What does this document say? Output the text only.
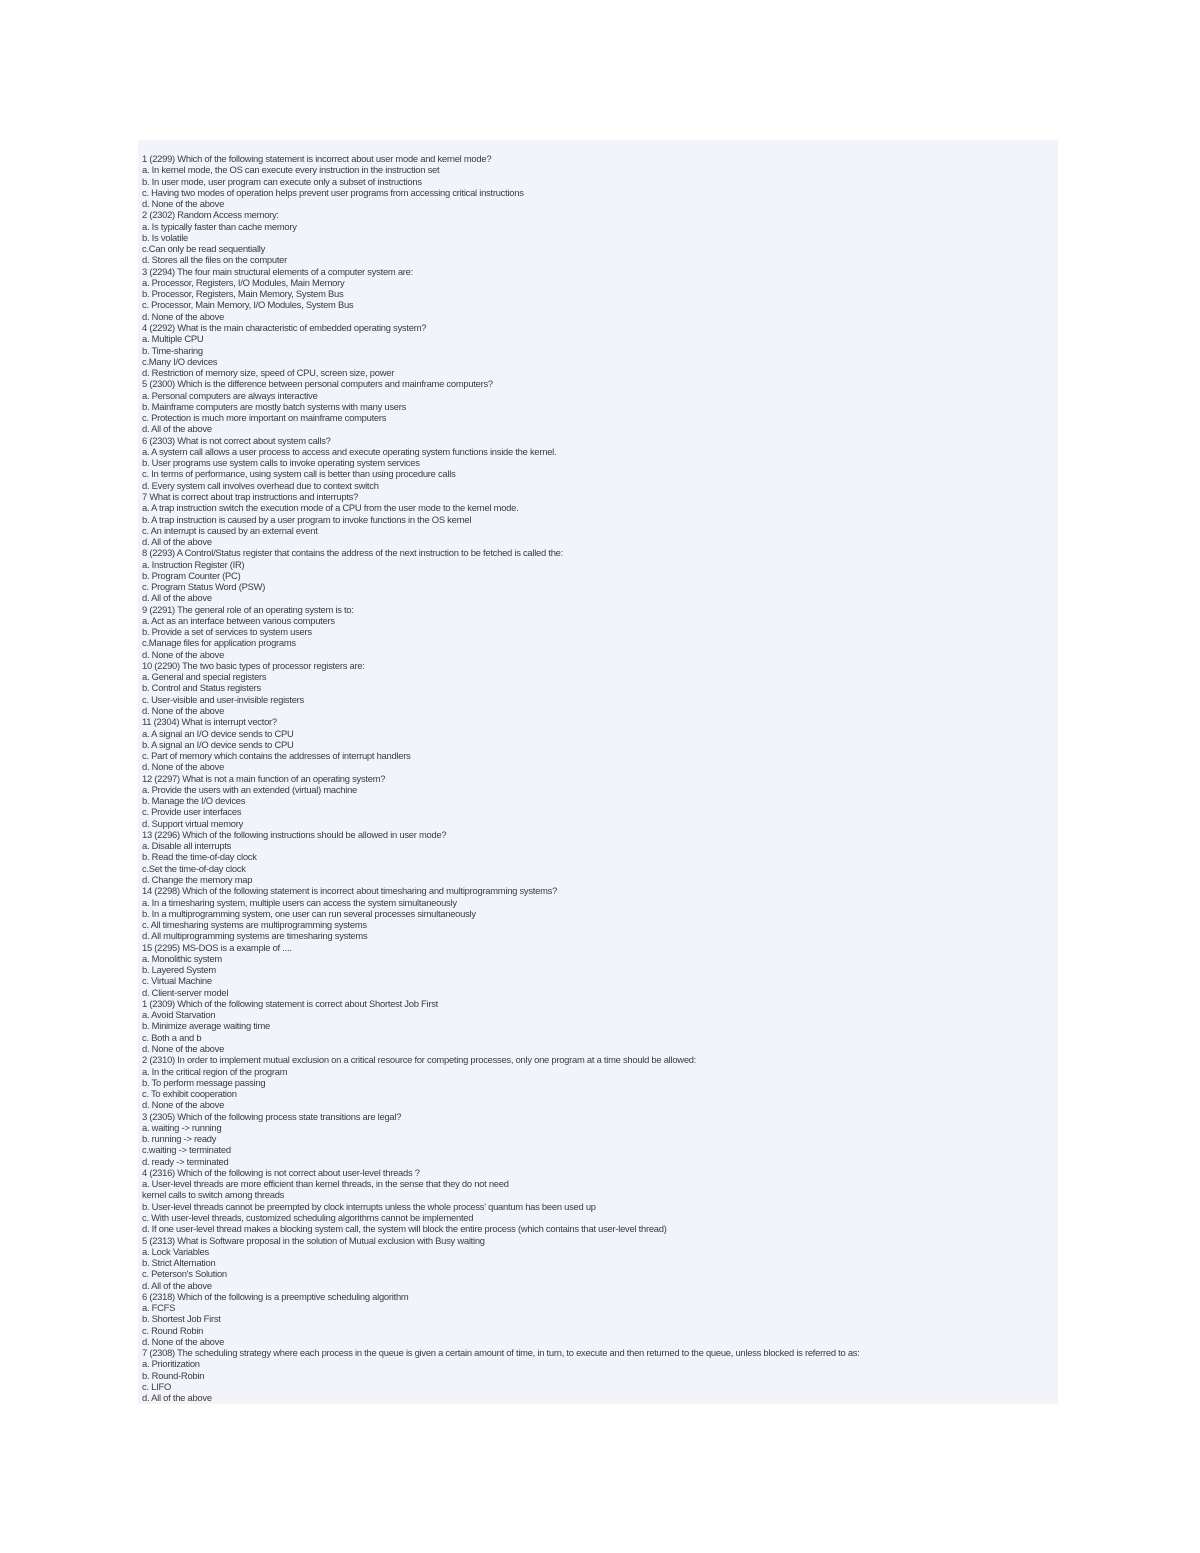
1 (2299) Which of the following statement is incorrect about user mode and kernel mode?
a. In kernel mode, the OS can execute every instruction in the instruction set
b. In user mode, user program can execute only a subset of instructions
c. Having two modes of operation helps prevent user programs from accessing critical instructions
d. None of the above
2 (2302) Random Access memory:
a. Is typically faster than cache memory
b. Is volatile
c.Can only be read sequentially
d. Stores all the files on the computer
3 (2294) The four main structural elements of a computer system are:
a. Processor, Registers, I/O Modules, Main Memory
b. Processor, Registers, Main Memory, System Bus
c. Processor, Main Memory, I/O Modules, System Bus
d. None of the above
4 (2292) What is the main characteristic of embedded operating system?
a. Multiple CPU
b. Time-sharing
c.Many I/O devices
d. Restriction of memory size, speed of CPU, screen size, power
5 (2300) Which is the difference between personal computers and mainframe computers?
a. Personal computers are always interactive
b. Mainframe computers are mostly batch systems with many users
c. Protection is much more important on mainframe computers
d. All of the above
6 (2303) What is not correct about system calls?
a. A system call allows a user process to access and execute operating system functions inside the kernel.
b. User programs use system calls to invoke operating system services
c. In terms of performance, using system call is better than using procedure calls
d. Every system call involves overhead due to context switch
7 What is correct about trap instructions and interrupts?
a. A trap instruction switch the execution mode of a CPU from the user mode to the kernel mode.
b. A trap instruction is caused by a user program to invoke functions in the OS kernel
c. An interrupt is caused by an external event
d. All of the above
8 (2293) A Control/Status register that contains the address of the next instruction to be fetched is called the:
a. Instruction Register (IR)
b. Program Counter (PC)
c. Program Status Word (PSW)
d. All of the above
9 (2291) The general role of an operating system is to:
a. Act as an interface between various computers
b. Provide a set of services to system users
c.Manage files for application programs
d. None of the above
10 (2290) The two basic types of processor registers are:
a. General and special registers
b. Control and Status registers
c. User-visible and user-invisible registers
d. None of the above
11 (2304) What is interrupt vector?
a. A signal an I/O device sends to CPU
b. A signal an I/O device sends to CPU
c. Part of memory which contains the addresses of interrupt handlers
d. None of the above
12 (2297) What is not a main function of an operating system?
a. Provide the users with an extended (virtual) machine
b. Manage the I/O devices
c. Provide user interfaces
d. Support virtual memory
13 (2296) Which of the following instructions should be allowed in user mode?
a. Disable all interrupts
b. Read the time-of-day clock
c.Set the time-of-day clock
d. Change the memory map
14 (2298) Which of the following statement is incorrect about timesharing and multiprogramming systems?
a. In a timesharing system, multiple users can access the system simultaneously
b. In a multiprogramming system, one user can run several processes simultaneously
c. All timesharing systems are multiprogramming systems
d. All multiprogramming systems are timesharing systems
15 (2295) MS-DOS is a example of ....
a. Monolithic system
b. Layered System
c. Virtual Machine
d. Client-server model
1 (2309) Which of the following statement is correct about Shortest Job First
a. Avoid Starvation
b. Minimize average waiting time
c. Both a and b
d. None of the above
2 (2310) In order to implement mutual exclusion on a critical resource for competing processes, only one program at a time should be allowed:
a. In the critical region of the program
b. To perform message passing
c. To exhibit cooperation
d. None of the above
3 (2305) Which of the following process state transitions are legal?
a. waiting -> running
b. running -> ready
c.waiting -> terminated
d. ready -> terminated
4 (2316) Which of the following is not correct about user-level threads ?
a. User-level threads are more efficient than kernel threads, in the sense that they do not need
kernel calls to switch among threads
b. User-level threads cannot be preempted by clock interrupts unless the whole process' quantum has been used up
c. With user-level threads, customized scheduling algorithms cannot be implemented
d. If one user-level thread makes a blocking system call, the system will block the entire process (which contains that user-level thread)
5 (2313) What is Software proposal in the solution of Mutual exclusion with Busy waiting
a. Lock Variables
b. Strict Alternation
c. Peterson's Solution
d. All of the above
6 (2318) Which of the following is a preemptive scheduling algorithm
a. FCFS
b. Shortest Job First
c. Round Robin
d. None of the above
7 (2308) The scheduling strategy where each process in the queue is given a certain amount of time, in turn, to execute and then returned to the queue, unless blocked is referred to as:
a. Prioritization
b. Round-Robin
c. LIFO
d. All of the above
